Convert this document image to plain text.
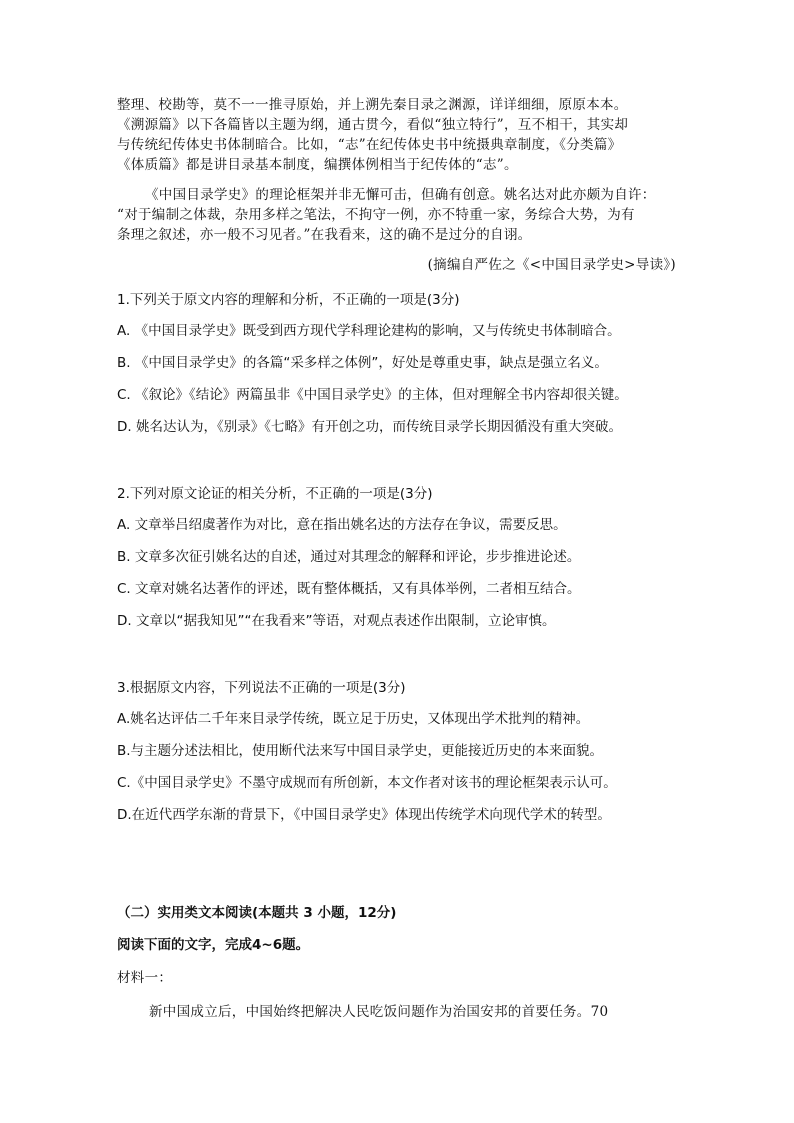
整理、校勘等，莫不一一推寻原始，并上溯先秦目录之渊源，详详细细，原原本本。
《溯源篇》以下各篇皆以主题为纲，通古贯今，看似“独立特行”，互不相干，其实却
与传统纪传体史书体制暗合。比如，“志”在纪传体史书中统摄典章制度，《分类篇》
《体质篇》都是讲目录基本制度，编撰体例相当于纪传体的“志”。
《中国目录学史》的理论框架并非无懈可击，但确有创意。姚名达对此亦颇为自许：
“对于编制之体裁，杂用多样之笔法，不拘守一例，亦不特重一家，务综合大势，为有
条理之叙述，亦一般不习见者。”在我看来，这的确不是过分的自诩。
(摘编自严佐之《<中国目录学史>导读》)
1.下列关于原文内容的理解和分析，不正确的一项是(3分)
A. 《中国目录学史》既受到西方现代学科理论建构的影响，又与传统史书体制暗合。
B. 《中国目录学史》的各篇“采多样之体例”，好处是尊重史事，缺点是强立名义。
C. 《叙论》《结论》两篇虽非《中国目录学史》的主体，但对理解全书内容却很关键。
D. 姚名达认为，《别录》《七略》有开创之功，而传统目录学长期因循没有重大突破。
2.下列对原文论证的相关分析，不正确的一项是(3分)
A. 文章举吕绍虞著作为对比，意在指出姚名达的方法存在争议，需要反思。
B. 文章多次征引姚名达的自述，通过对其理念的解释和评论，步步推进论述。
C. 文章对姚名达著作的评述，既有整体概括，又有具体举例，二者相互结合。
D. 文章以“据我知见”“在我看来”等语，对观点表述作出限制，立论审慎。
3.根据原文内容，下列说法不正确的一项是(3分)
A.姚名达评估二千年来目录学传统，既立足于历史，又体现出学术批判的精神。
B.与主题分述法相比，使用断代法来写中国目录学史，更能接近历史的本来面貌。
C.《中国目录学史》不墨守成规而有所创新，本文作者对该书的理论框架表示认可。
D.在近代西学东渐的背景下，《中国目录学史》体现出传统学术向现代学术的转型。
（二）实用类文本阅读(本题共 3 小题，12分)
阅读下面的文字，完成4~6题。
材料一：
新中国成立后，中国始终把解决人民吃饭问题作为治国安邦的首要任务。70
